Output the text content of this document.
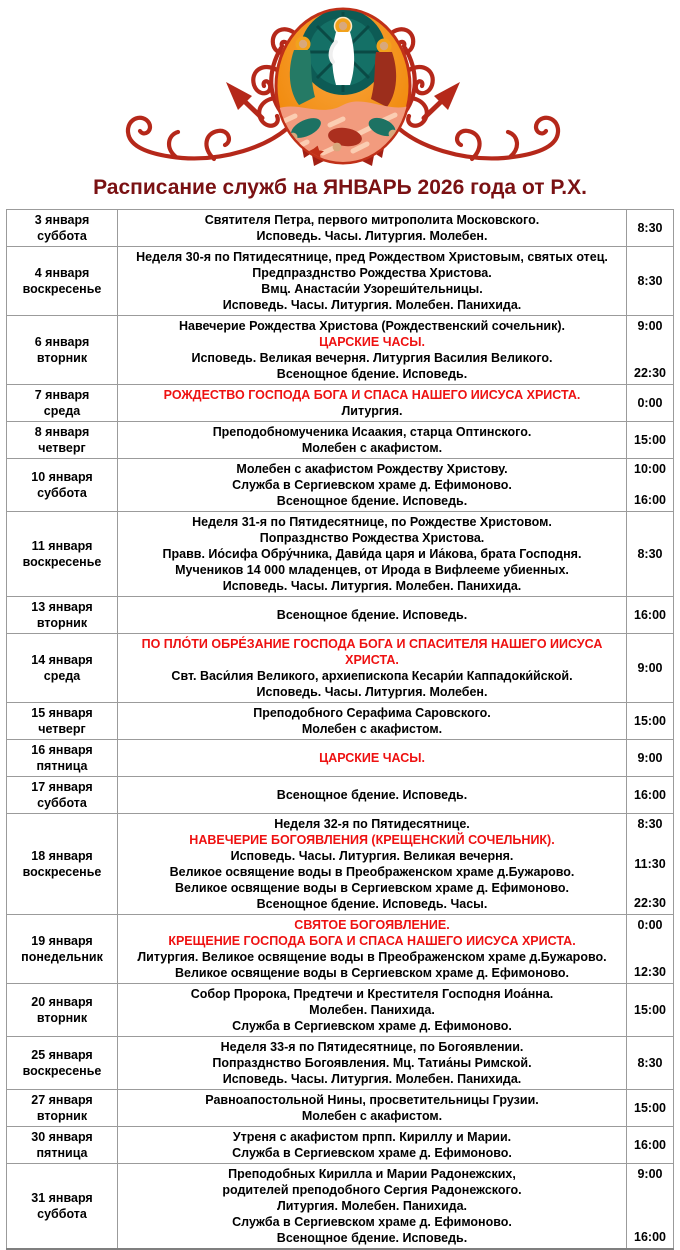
Расписание служб на ЯНВАРЬ 2026 года от Р.Х.
3 января
суббота

Святителя Петра, первого митрополита Московского.
Исповедь. Часы. Литургия. Молебен.

8:30

4 января
воскресенье

Неделя 30-я по Пятидесятнице, пред Рождеством Христовым, святых отец.
Предпразднство Рождества Христова.
Вмц. Анастаси́и Узореши́тельницы.
Исповедь. Часы. Литургия. Молебен. Панихида.

8:30

6 января
вторник

Навечерие Рождества Христова (Рождественский сочельник).
ЦАРСКИЕ ЧАСЫ.
Исповедь. Великая вечерня. Литургия Василия Великого.
Всенощное бдение. Исповедь.

9:00
22:30

7 января
среда

РОЖДЕСТВО ГОСПОДА БОГА И СПАСА НАШЕГО ИИСУСА ХРИСТА.
Литургия.

0:00

8 января
четверг

Преподобномученика Исаакия, старца Оптинского.
Молебен с акафистом.

15:00

10 января
суббота

Молебен с акафистом Рождеству Христову.
Служба в Сергиевском храме д. Ефимоново.
Всенощное бдение. Исповедь.

10:00
16:00

11 января
воскресенье

Неделя 31-я по Пятидесятнице, по Рождестве Христовом.
Попразднство Рождества Христова.
Правв. Ио́сифа Обру́чника, Дави́да царя и Иа́кова, брата Господня.
Мучеников 14 000 младенцев, от Ирода в Вифлееме убиенных.
Исповедь. Часы. Литургия. Молебен. Панихида.

8:30

13 января
вторник	Всенощное бдение. Исповедь.	16:00

14 января
среда

ПО ПЛО́ТИ ОБРЕ́ЗАНИЕ ГОСПОДА БОГА И СПАСИТЕЛЯ НАШЕГО ИИСУСА ХРИСТА.
Свт. Васи́лия Великого, архиепископа Кесари́и Каппадоки́йской.
Исповедь. Часы. Литургия. Молебен.

9:00

15 января
четверг

Преподобного Серафима Саровского.
Молебен с акафистом.

15:00

16 января
пятница	ЦАРСКИЕ ЧАСЫ.	9:00

17 января
суббота	Всенощное бдение. Исповедь.	16:00

18 января
воскресенье

Неделя 32-я по Пятидесятнице.
НАВЕЧЕРИЕ БОГОЯВЛЕНИЯ (КРЕЩЕНСКИЙ СОЧЕЛЬНИК).
Исповедь. Часы. Литургия. Великая вечерня.
Великое освящение воды в Преображенском храме д.Бужарово.
Великое освящение воды в Сергиевском храме д. Ефимоново.
Всенощное бдение. Исповедь. Часы.

8:30
11:30
22:30

19 января
понедельник

СВЯТОЕ БОГОЯВЛЕНИЕ.
КРЕЩЕНИЕ ГОСПОДА БОГА И СПАСА НАШЕГО ИИСУСА ХРИСТА.
Литургия. Великое освящение воды в Преображенском храме д.Бужарово.
Великое освящение воды в Сергиевском храме д. Ефимоново.

0:00
12:30

20 января
вторник

Собор Пророка, Предтечи и Крестителя Господня Иоа́нна.
Молебен. Панихида.
Служба в Сергиевском храме д. Ефимоново.

15:00

25 января
воскресенье

Неделя 33-я по Пятидесятнице, по Богоявлении.
Попразднство Богоявления. Мц. Татиа́ны Римской.
Исповедь. Часы. Литургия. Молебен. Панихида.

8:30

27 января
вторник

Равноапостольной Нины, просветительницы Грузии.
Молебен с акафистом.

15:00

30 января
пятница

Утреня с акафистом прпп. Кириллу и Марии.
Служба в Сергиевском храме д. Ефимоново.

16:00

31 января
суббота

Преподобных Кирилла и Марии Радонежских,
родителей преподобного Сергия Радонежского.
Литургия. Молебен. Панихида.
Служба в Сергиевском храме д. Ефимоново.
Всенощное бдение. Исповедь.

9:00
16:00
